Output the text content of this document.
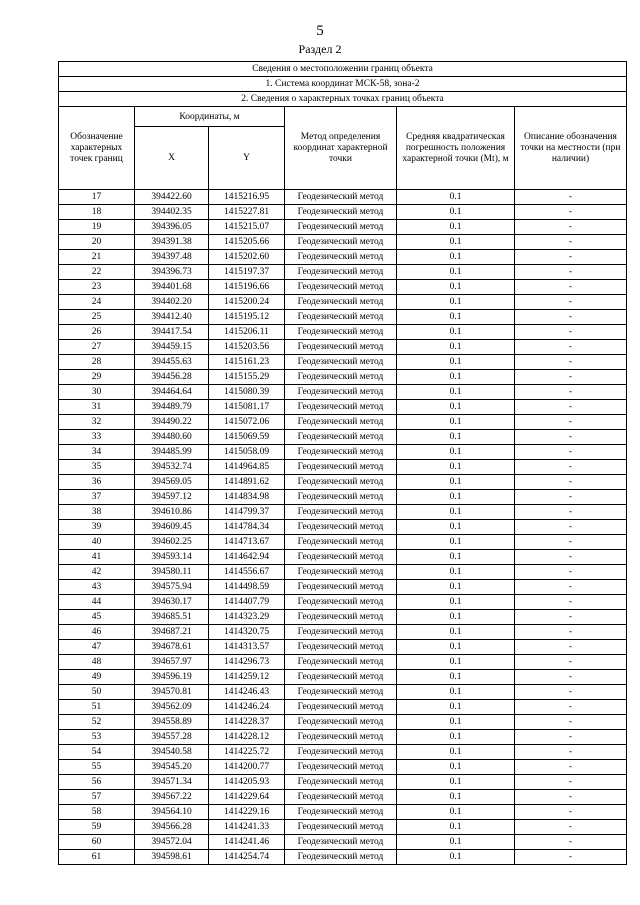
5
Раздел 2
Сведения о местоположении границ объекта					
1. Система координат МСК-58, зона-2					
2. Сведения о характерных точках границ объекта					
Обозначение характерных точек границ	Координаты, м		Метод определения координат характерной точки	Средняя квадратическая погрешность положения характерной точки (Mt), м	Описание обозначения точки на местности (при наличии)
	X	Y			
17	394422.60	1415216.95	Геодезический метод	0.1	-
18	394402.35	1415227.81	Геодезический метод	0.1	-
19	394396.05	1415215.07	Геодезический метод	0.1	-
20	394391.38	1415205.66	Геодезический метод	0.1	-
21	394397.48	1415202.60	Геодезический метод	0.1	-
22	394396.73	1415197.37	Геодезический метод	0.1	-
23	394401.68	1415196.66	Геодезический метод	0.1	-
24	394402.20	1415200.24	Геодезический метод	0.1	-
25	394412.40	1415195.12	Геодезический метод	0.1	-
26	394417.54	1415206.11	Геодезический метод	0.1	-
27	394459.15	1415203.56	Геодезический метод	0.1	-
28	394455.63	1415161.23	Геодезический метод	0.1	-
29	394456.28	1415155.29	Геодезический метод	0.1	-
30	394464.64	1415080.39	Геодезический метод	0.1	-
31	394489.79	1415081.17	Геодезический метод	0.1	-
32	394490.22	1415072.06	Геодезический метод	0.1	-
33	394480.60	1415069.59	Геодезический метод	0.1	-
34	394485.99	1415058.09	Геодезический метод	0.1	-
35	394532.74	1414964.85	Геодезический метод	0.1	-
36	394569.05	1414891.62	Геодезический метод	0.1	-
37	394597.12	1414834.98	Геодезический метод	0.1	-
38	394610.86	1414799.37	Геодезический метод	0.1	-
39	394609.45	1414784.34	Геодезический метод	0.1	-
40	394602.25	1414713.67	Геодезический метод	0.1	-
41	394593.14	1414642.94	Геодезический метод	0.1	-
42	394580.11	1414556.67	Геодезический метод	0.1	-
43	394575.94	1414498.59	Геодезический метод	0.1	-
44	394630.17	1414407.79	Геодезический метод	0.1	-
45	394685.51	1414323.29	Геодезический метод	0.1	-
46	394687.21	1414320.75	Геодезический метод	0.1	-
47	394678.61	1414313.57	Геодезический метод	0.1	-
48	394657.97	1414296.73	Геодезический метод	0.1	-
49	394596.19	1414259.12	Геодезический метод	0.1	-
50	394570.81	1414246.43	Геодезический метод	0.1	-
51	394562.09	1414246.24	Геодезический метод	0.1	-
52	394558.89	1414228.37	Геодезический метод	0.1	-
53	394557.28	1414228.12	Геодезический метод	0.1	-
54	394540.58	1414225.72	Геодезический метод	0.1	-
55	394545.20	1414200.77	Геодезический метод	0.1	-
56	394571.34	1414205.93	Геодезический метод	0.1	-
57	394567.22	1414229.64	Геодезический метод	0.1	-
58	394564.10	1414229.16	Геодезический метод	0.1	-
59	394566.28	1414241.33	Геодезический метод	0.1	-
60	394572.04	1414241.46	Геодезический метод	0.1	-
61	394598.61	1414254.74	Геодезический метод	0.1	-
